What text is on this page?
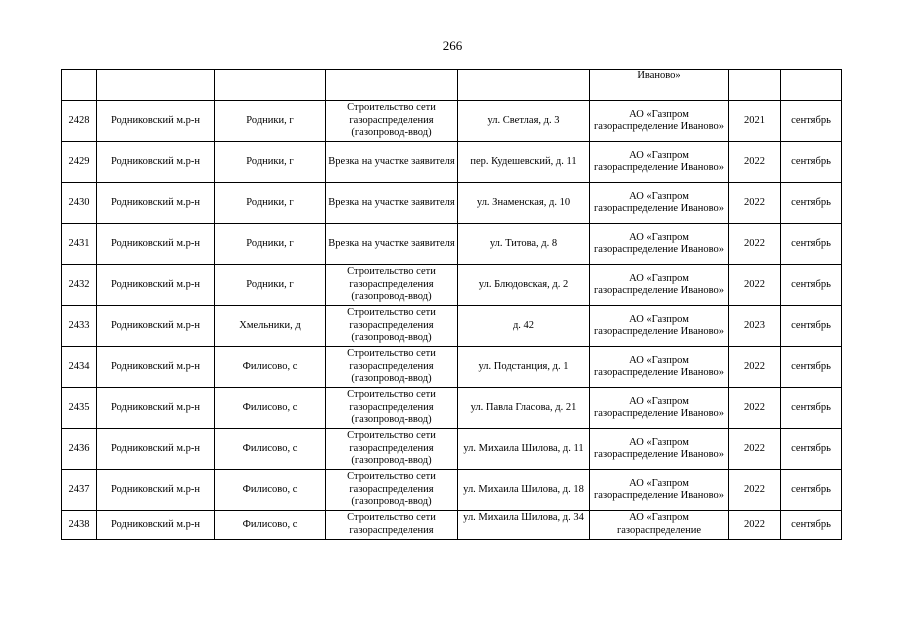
266
					Иваново»		
2428	Родниковский м.р-н	Родники, г	Строительство сети газораспределения (газопровод-ввод)	ул. Светлая, д. 3	АО «Газпром газораспределение Иваново»	2021	сентябрь
2429	Родниковский м.р-н	Родники, г	Врезка на участке заявителя	пер. Кудешевский, д. 11	АО «Газпром газораспределение Иваново»	2022	сентябрь
2430	Родниковский м.р-н	Родники, г	Врезка на участке заявителя	ул. Знаменская, д. 10	АО «Газпром газораспределение Иваново»	2022	сентябрь
2431	Родниковский м.р-н	Родники, г	Врезка на участке заявителя	ул. Титова, д. 8	АО «Газпром газораспределение Иваново»	2022	сентябрь
2432	Родниковский м.р-н	Родники, г	Строительство сети газораспределения (газопровод-ввод)	ул. Блюдовская, д. 2	АО «Газпром газораспределение Иваново»	2022	сентябрь
2433	Родниковский м.р-н	Хмельники, д	Строительство сети газораспределения (газопровод-ввод)	д. 42	АО «Газпром газораспределение Иваново»	2023	сентябрь
2434	Родниковский м.р-н	Филисово, с	Строительство сети газораспределения (газопровод-ввод)	ул. Подстанция, д. 1	АО «Газпром газораспределение Иваново»	2022	сентябрь
2435	Родниковский м.р-н	Филисово, с	Строительство сети газораспределения (газопровод-ввод)	ул. Павла Гласова, д. 21	АО «Газпром газораспределение Иваново»	2022	сентябрь
2436	Родниковский м.р-н	Филисово, с	Строительство сети газораспределения (газопровод-ввод)	ул. Михаила Шилова, д. 11	АО «Газпром газораспределение Иваново»	2022	сентябрь
2437	Родниковский м.р-н	Филисово, с	Строительство сети газораспределения (газопровод-ввод)	ул. Михаила Шилова, д. 18	АО «Газпром газораспределение Иваново»	2022	сентябрь
2438	Родниковский м.р-н	Филисово, с	Строительство сети газораспределения	ул. Михаила Шилова, д. 34	АО «Газпром газораспределение	2022	сентябрь
